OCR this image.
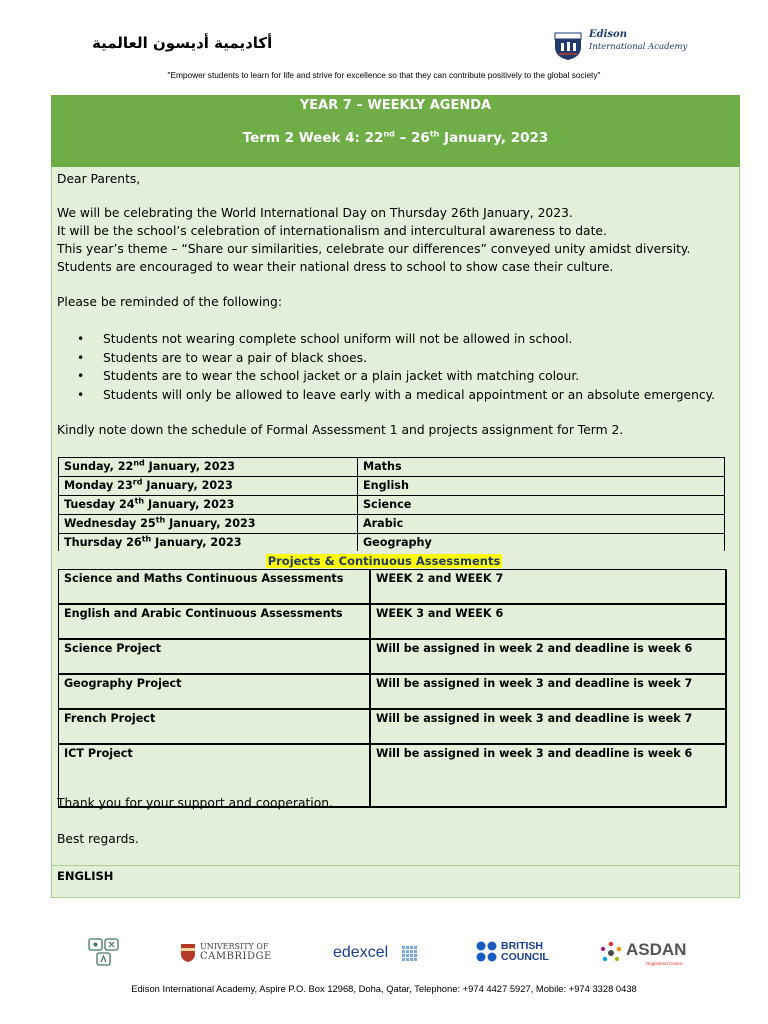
أكاديمية أديسون العالمية	Edison
International Academy
"Empower students to learn for life and strive for excellence so that they can contribute positively to the global society"
YEAR 7 – WEEKLY AGENDA
Term 2 Week 4: 22nd – 26th January, 2023
Dear Parents,
We will be celebrating the World International Day on Thursday 26th January, 2023.
It will be the school’s celebration of internationalism and intercultural awareness to date.
This year’s theme – “Share our similarities, celebrate our differences” conveyed unity amidst diversity.
Students are encouraged to wear their national dress to school to show case their culture.
Please be reminded of the following:
• Students not wearing complete school uniform will not be allowed in school.
• Students are to wear a pair of black shoes.
• Students are to wear the school jacket or a plain jacket with matching colour.
• Students will only be allowed to leave early with a medical appointment or an absolute emergency.
Kindly note down the schedule of Formal Assessment 1 and projects assignment for Term 2.
Sunday, 22nd January, 2023	Maths
Monday 23rd January, 2023	English
Tuesday 24th January, 2023	Science
Wednesday 25th January, 2023	Arabic
Thursday 26th January, 2023	Geography
Projects & Continuous Assessments
Science and Maths Continuous Assessments	WEEK 2 and WEEK 7
English and Arabic Continuous Assessments	WEEK 3 and WEEK 6
Science Project	Will be assigned in week 2 and deadline is week 6
Geography Project	Will be assigned in week 3 and deadline is week 7
French Project	Will be assigned in week 3 and deadline is week 7
ICT Project	Will be assigned in week 3 and deadline is week 6
Thank you for your support and cooperation.
Best regards.
ENGLISH
UNIVERSITY OF
CAMBRIDGE	edexcel	BRITISH
COUNCIL	ASDAN
Registered Centre
Edison International Academy, Aspire P.O. Box 12968, Doha, Qatar, Telephone: +974 4427 5927, Mobile: +974 3328 0438
